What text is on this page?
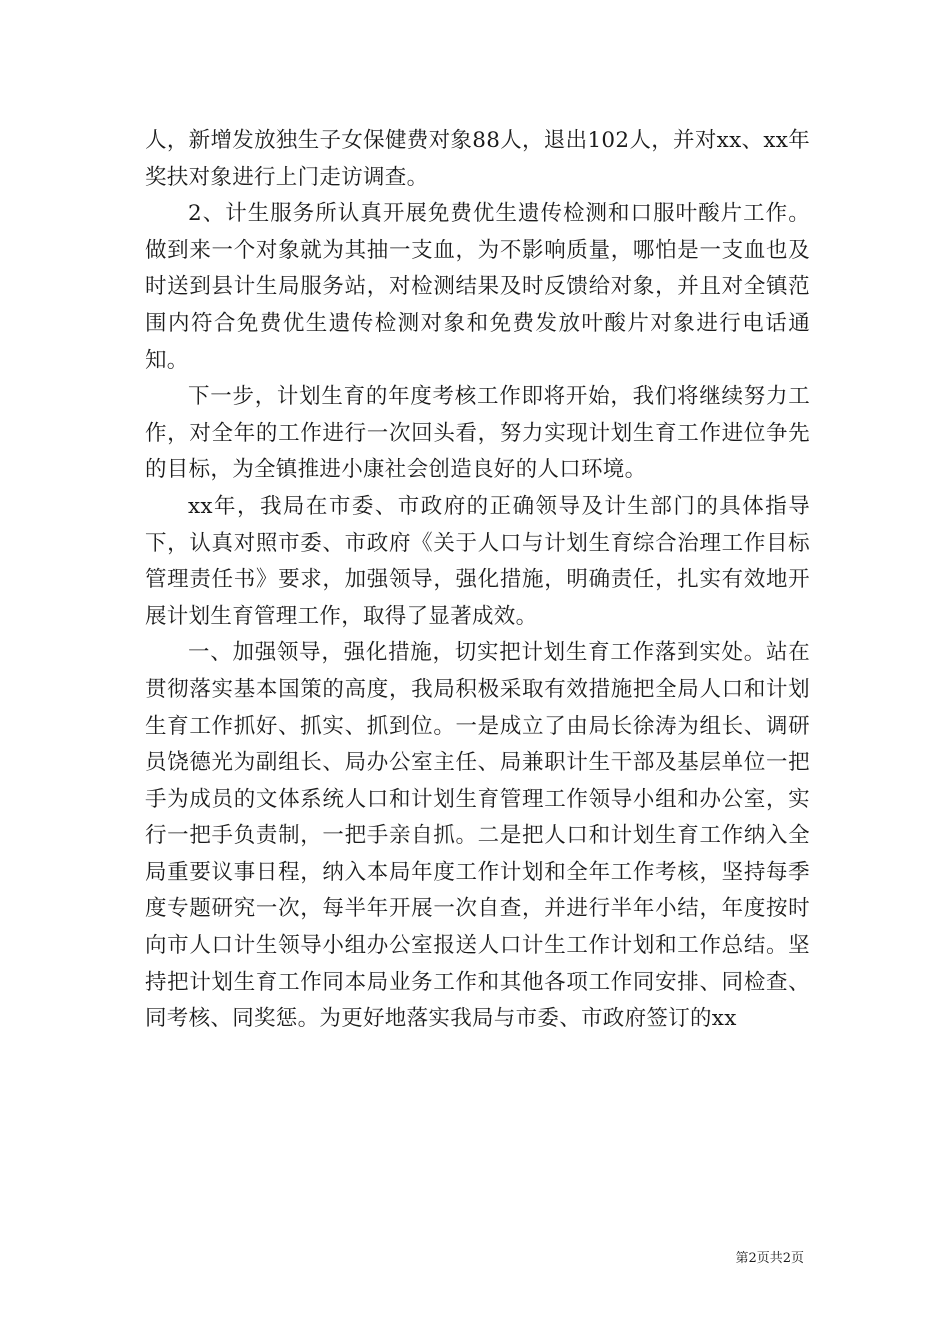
人，新增发放独生子女保健费对象88人，退出102人，并对xx、xx年奖扶对象进行上门走访调查。

2、计生服务所认真开展免费优生遗传检测和口服叶酸片工作。做到来一个对象就为其抽一支血，为不影响质量，哪怕是一支血也及时送到县计生局服务站，对检测结果及时反馈给对象，并且对全镇范围内符合免费优生遗传检测对象和免费发放叶酸片对象进行电话通知。

下一步，计划生育的年度考核工作即将开始，我们将继续努力工作，对全年的工作进行一次回头看，努力实现计划生育工作进位争先的目标，为全镇推进小康社会创造良好的人口环境。

xx年，我局在市委、市政府的正确领导及计生部门的具体指导下，认真对照市委、市政府《关于人口与计划生育综合治理工作目标管理责任书》要求，加强领导，强化措施，明确责任，扎实有效地开展计划生育管理工作，取得了显著成效。

一、加强领导，强化措施，切实把计划生育工作落到实处。站在贯彻落实基本国策的高度，我局积极采取有效措施把全局人口和计划生育工作抓好、抓实、抓到位。一是成立了由局长徐涛为组长、调研员饶德光为副组长、局办公室主任、局兼职计生干部及基层单位一把手为成员的文体系统人口和计划生育管理工作领导小组和办公室，实行一把手负责制，一把手亲自抓。二是把人口和计划生育工作纳入全局重要议事日程，纳入本局年度工作计划和全年工作考核，坚持每季度专题研究一次，每半年开展一次自查，并进行半年小结，年度按时向市人口计生领导小组办公室报送人口计生工作计划和工作总结。坚持把计划生育工作同本局业务工作和其他各项工作同安排、同检查、同考核、同奖惩。为更好地落实我局与市委、市政府签订的xx

第2页共2页
